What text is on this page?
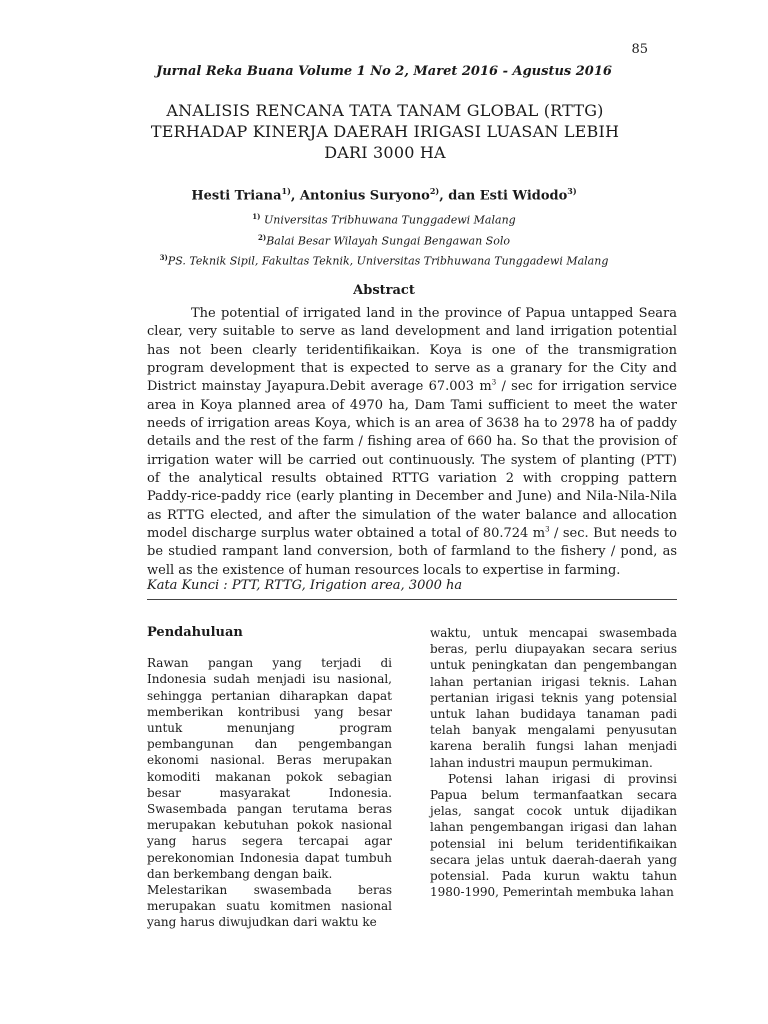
85
Jurnal Reka Buana Volume 1 No 2, Maret 2016 - Agustus 2016
ANALISIS RENCANA TATA TANAM GLOBAL (RTTG) TERHADAP KINERJA DAERAH IRIGASI LUASAN LEBIH DARI 3000 HA
Hesti Triana$^{1)}$, Antonius Suryono$^{2)}$, dan Esti Widodo$^{3)}$
$^{1)}$ Universitas Tribhuwana Tunggadewi Malang
$^{2)}$Balai Besar Wilayah Sungai Bengawan Solo
$^{3)}$PS. Teknik Sipil, Fakultas Teknik, Universitas Tribhuwana Tunggadewi Malang
Abstract

The potential of irrigated land in the province of Papua untapped Seara clear, very suitable to serve as land development and land irrigation potential has not been clearly teridentifikaikan. Koya is one of the transmigration program development that is expected to serve as a granary for the City and District mainstay Jayapura.Debit average 67.003 $m^3$ / sec for irrigation service area in Koya planned area of 4970 ha, Dam Tami sufficient to meet the water needs of irrigation areas Koya, which is an area of 3638 ha to 2978 ha of paddy details and the rest of the farm / fishing area of 660 ha. So that the provision of irrigation water will be carried out continuously. The system of planting (PTT) of the analytical results obtained RTTG variation 2 with cropping pattern Paddy-rice-paddy rice (early planting in December and June) and Nila-Nila-Nila as RTTG elected, and after the simulation of the water balance and allocation model discharge surplus water obtained a total of 80.724 $m^3$ / sec. But needs to be studied rampant land conversion, both of farmland to the fishery / pond, as well as the existence of human resources locals to expertise in farming.

Kata Kunci : PTT, RTTG, Irigation area, 3000 ha
Pendahuluan

Rawan pangan yang terjadi di Indonesia sudah menjadi isu nasional, sehingga pertanian diharapkan dapat memberikan kontribusi yang besar untuk menunjang program pembangunan dan pengembangan ekonomi nasional. Beras merupakan komoditi makanan pokok sebagian besar masyarakat Indonesia. Swasembada pangan terutama beras merupakan kebutuhan pokok nasional yang harus segera tercapai agar perekonomian Indonesia dapat tumbuh dan berkembang dengan baik.

Melestarikan swasembada beras merupakan suatu komitmen nasional yang harus diwujudkan dari waktu ke

waktu, untuk mencapai swasembada beras, perlu diupayakan secara serius untuk peningkatan dan pengembangan lahan pertanian irigasi teknis. Lahan pertanian irigasi teknis yang potensial untuk lahan budidaya tanaman padi telah banyak mengalami penyusutan karena beralih fungsi lahan menjadi lahan industri maupun permukiman.

Potensi lahan irigasi di provinsi Papua belum termanfaatkan secara jelas, sangat cocok untuk dijadikan lahan pengembangan irigasi dan lahan potensial ini belum teridentifikaikan secara jelas untuk daerah-daerah yang potensial. Pada kurun waktu tahun 1980-1990, Pemerintah membuka lahan
